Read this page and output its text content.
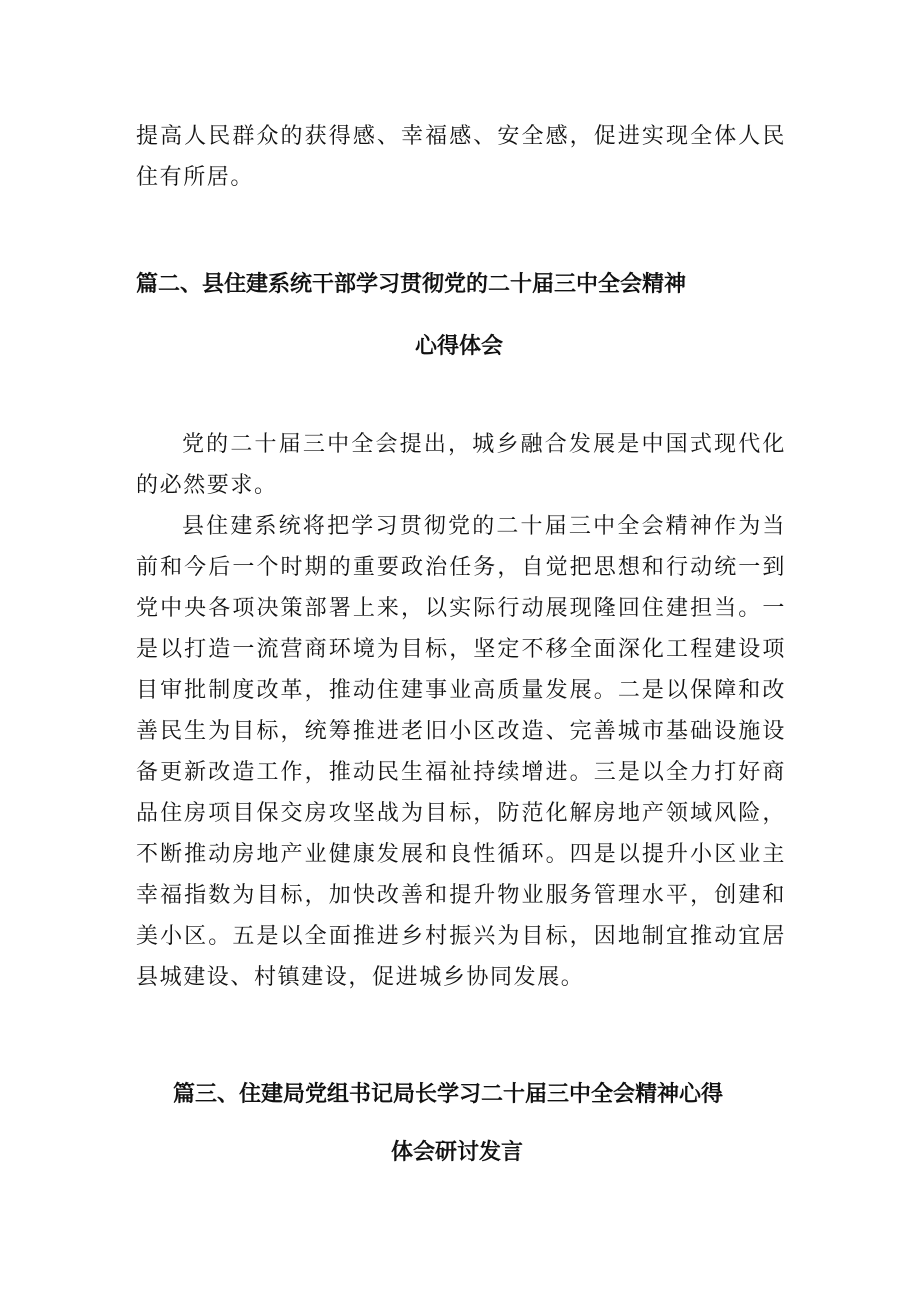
提高人民群众的获得感、幸福感、安全感，促进实现全体人民住有所居。

篇二、县住建系统干部学习贯彻党的二十届三中全会精神
心得体会

党的二十届三中全会提出，城乡融合发展是中国式现代化的必然要求。

县住建系统将把学习贯彻党的二十届三中全会精神作为当前和今后一个时期的重要政治任务，自觉把思想和行动统一到党中央各项决策部署上来，以实际行动展现隆回住建担当。一是以打造一流营商环境为目标，坚定不移全面深化工程建设项目审批制度改革，推动住建事业高质量发展。二是以保障和改善民生为目标，统筹推进老旧小区改造、完善城市基础设施设备更新改造工作，推动民生福祉持续增进。三是以全力打好商品住房项目保交房攻坚战为目标，防范化解房地产领域风险，不断推动房地产业健康发展和良性循环。四是以提升小区业主幸福指数为目标，加快改善和提升物业服务管理水平，创建和美小区。五是以全面推进乡村振兴为目标，因地制宜推动宜居县城建设、村镇建设，促进城乡协同发展。

篇三、住建局党组书记局长学习二十届三中全会精神心得
体会研讨发言
